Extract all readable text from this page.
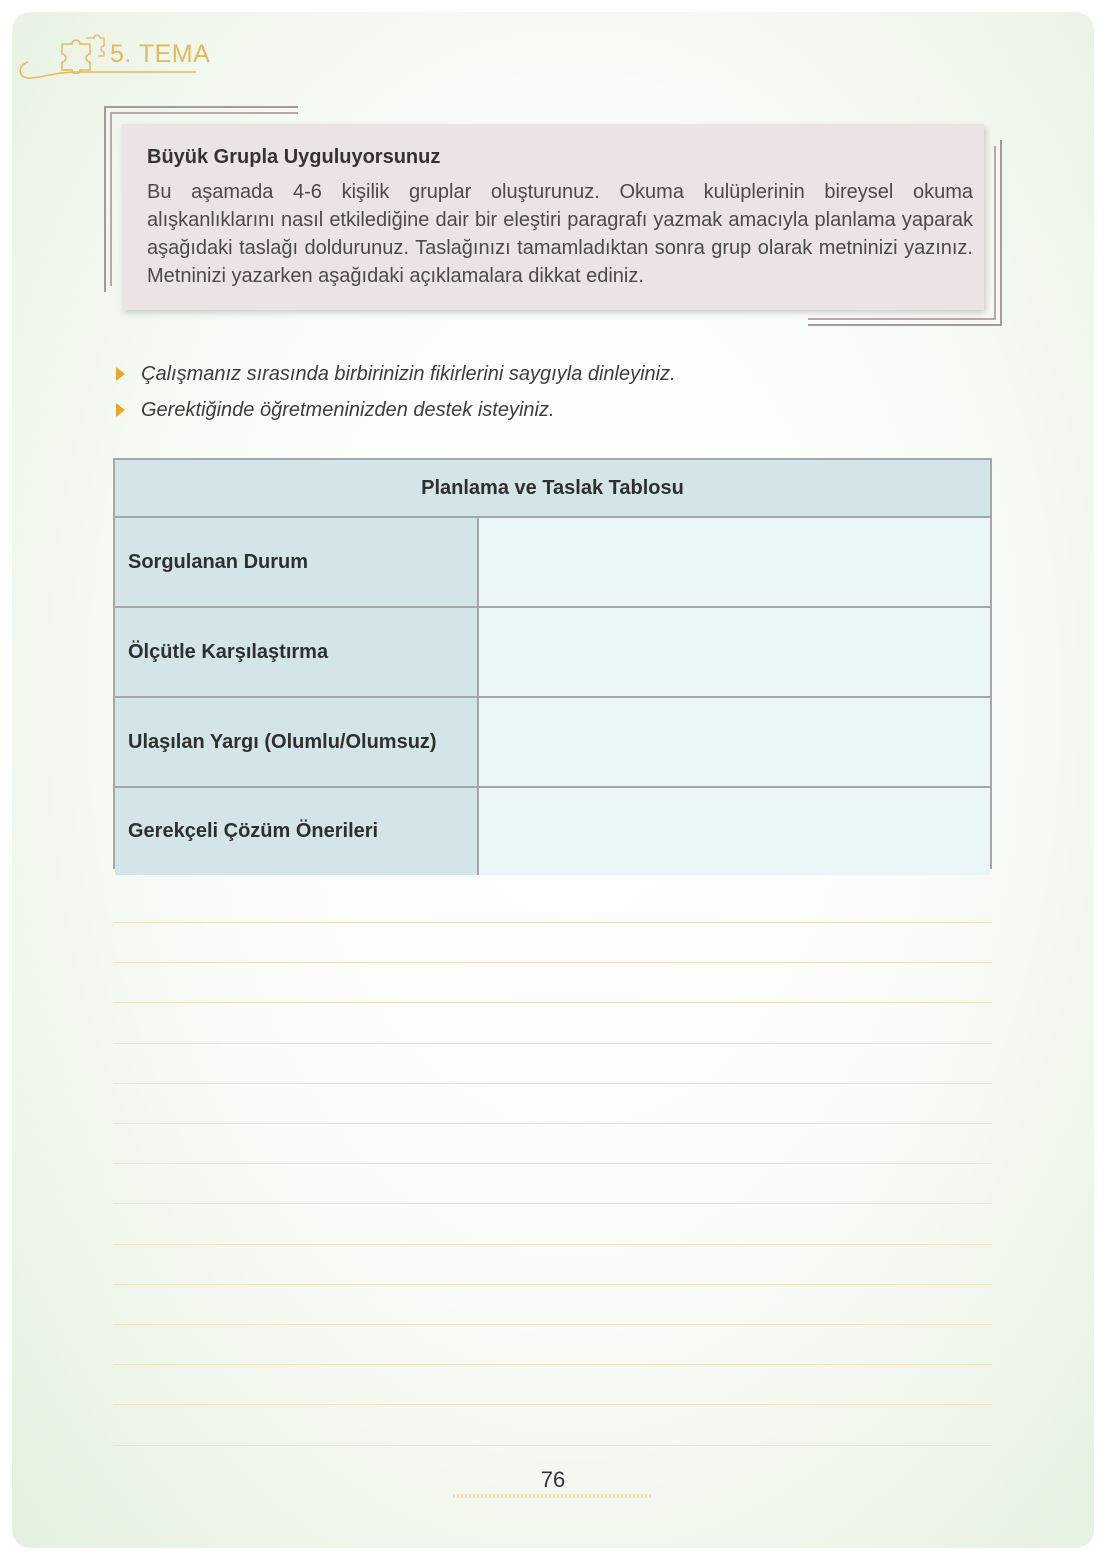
5. TEMA
Büyük Grupla Uyguluyorsunuz
Bu aşamada 4-6 kişilik gruplar oluşturunuz. Okuma kulüplerinin bireysel okuma alışkanlıklarını nasıl etkilediğine dair bir eleştiri paragrafı yazmak amacıyla planlama yaparak aşağıdaki taslağı doldurunuz. Taslağınızı tamamladıktan sonra grup olarak metninizi yazınız. Metninizi yazarken aşağıdaki açıklamalara dikkat ediniz.
Çalışmanız sırasında birbirinizin fikirlerini saygıyla dinleyiniz.
Gerektiğinde öğretmeninizden destek isteyiniz.
Planlama ve Taslak Tablosu
Sorgulanan Durum
Ölçütle Karşılaştırma
Ulaşılan Yargı (Olumlu/Olumsuz)
Gerekçeli Çözüm Önerileri
76
